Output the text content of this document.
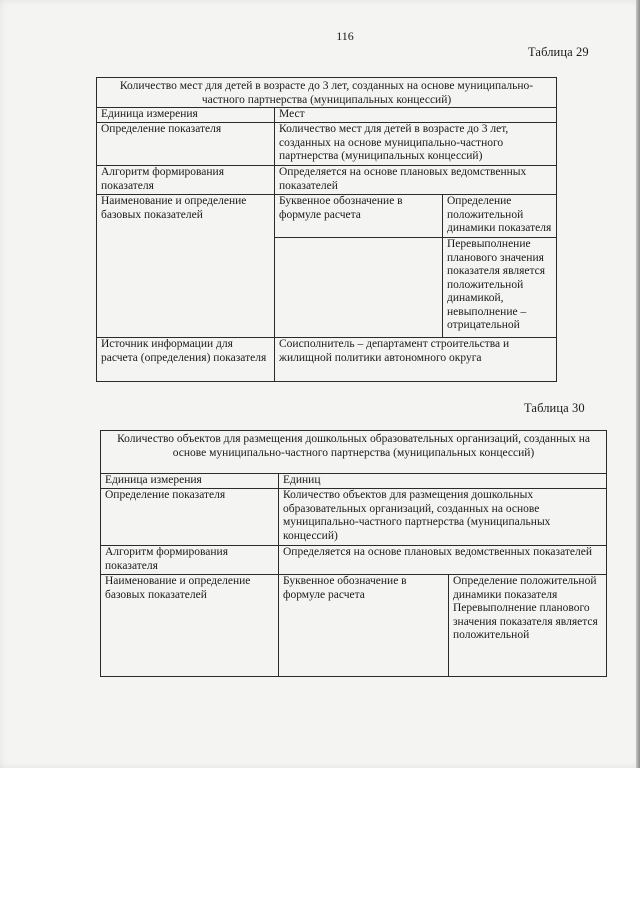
116
Таблица 29
Количество мест для детей в возрасте до 3 лет, созданных на основе муниципально-частного партнерства (муниципальных концессий)		
Единица измерения	Мест	
Определение показателя	Количество мест для детей в возрасте до 3 лет, созданных на основе муниципально-частного партнерства (муниципальных концессий)	
Алгоритм формирования показателя	Определяется на основе плановых ведомственных показателей	
Наименование и определение базовых показателей	Буквенное обозначение в формуле расчета	Определение положительной динамики показателя
		Перевыполнение планового значения показателя является положительной динамикой, невыполнение – отрицательной
Источник информации для расчета (определения) показателя	Соисполнитель – департамент строительства и жилищной политики автономного округа	
Таблица 30
Количество объектов для размещения дошкольных образовательных организаций, созданных на основе муниципально-частного партнерства (муниципальных концессий)		
Единица измерения	Единиц	
Определение показателя	Количество объектов для размещения дошкольных образовательных организаций, созданных на основе муниципально-частного партнерства (муниципальных концессий)	
Алгоритм формирования показателя	Определяется на основе плановых ведомственных показателей	
Наименование и определение базовых показателей	Буквенное обозначение в формуле расчета	Определение положительной динамики показателя Перевыполнение планового значения показателя является положительной
